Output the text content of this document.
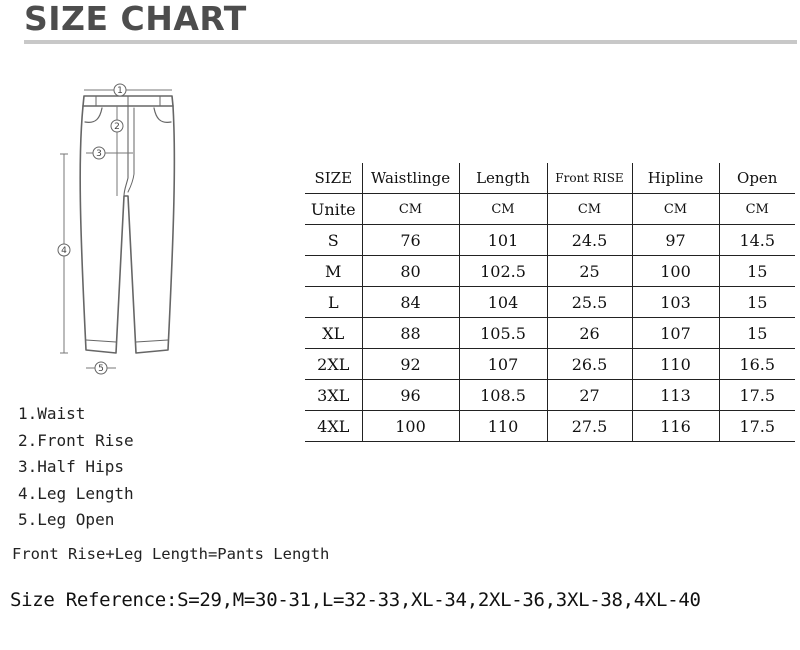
SIZE CHART
1
2
3
4
5
SIZE	Waistlinge	Length	Front RISE	Hipline	Open
Unite	CM	CM	CM	CM	CM
S	76	101	24.5	97	14.5
M	80	102.5	25	100	15
L	84	104	25.5	103	15
XL	88	105.5	26	107	15
2XL	92	107	26.5	110	16.5
3XL	96	108.5	27	113	17.5
4XL	100	110	27.5	116	17.5
1.Waist
2.Front Rise
3.Half Hips
4.Leg Length
5.Leg Open
Front Rise+Leg Length=Pants Length
Size Reference:S=29,M=30-31,L=32-33,XL-34,2XL-36,3XL-38,4XL-40
